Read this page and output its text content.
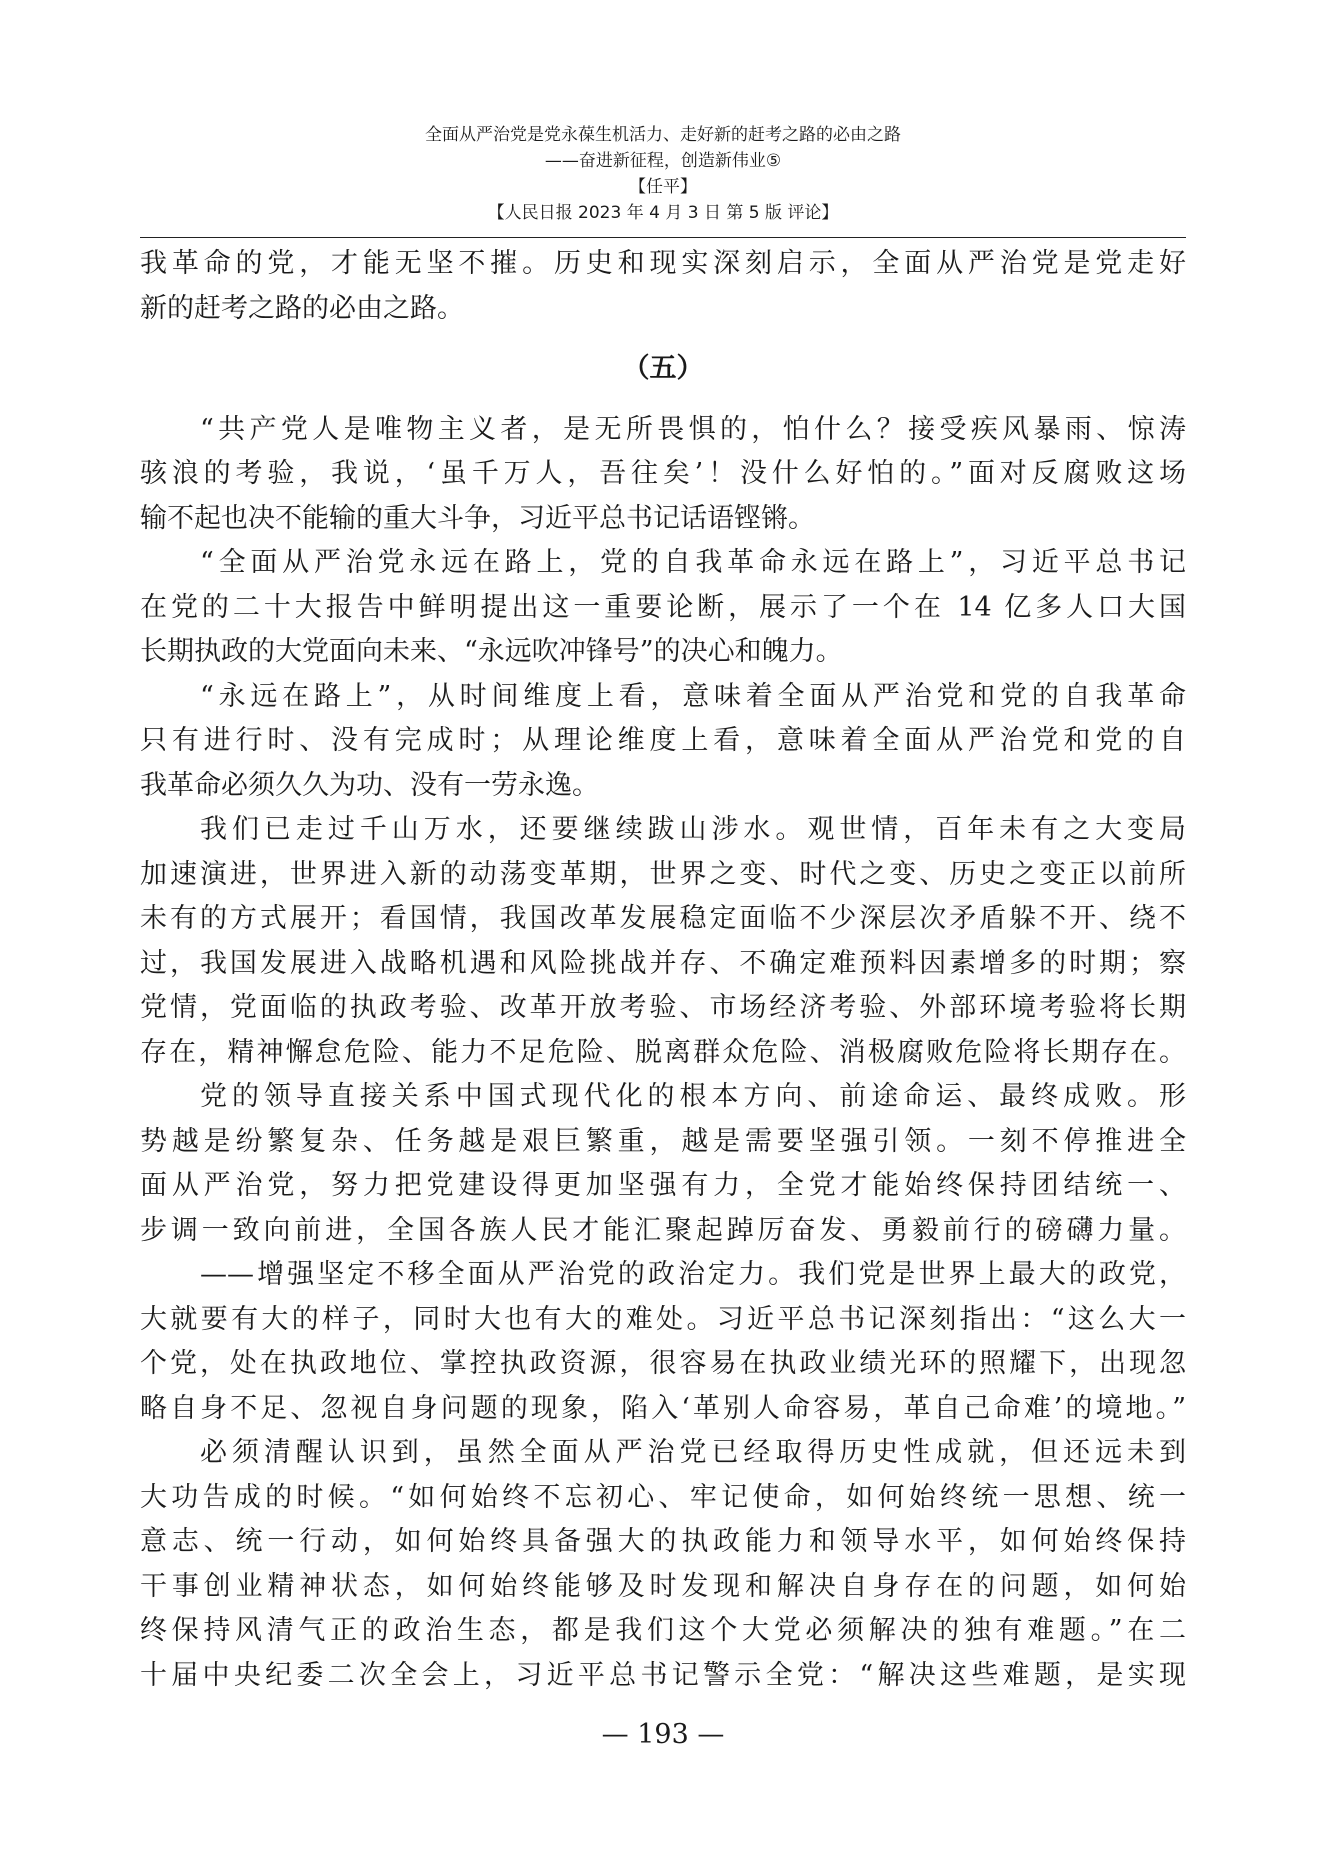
全面从严治党是党永葆生机活力、走好新的赶考之路的必由之路
——奋进新征程，创造新伟业⑤
【任平】
【人民日报 2023 年 4 月 3 日 第 5 版 评论】
我革命的党，才能无坚不摧。历史和现实深刻启示，全面从严治党是党走好
新的赶考之路的必由之路。
（五）
“共产党人是唯物主义者，是无所畏惧的，怕什么？接受疾风暴雨、惊涛
骇浪的考验，我说，‘虽千万人，吾往矣’！没什么好怕的。”面对反腐败这场
输不起也决不能输的重大斗争，习近平总书记话语铿锵。
“全面从严治党永远在路上，党的自我革命永远在路上”，习近平总书记
在党的二十大报告中鲜明提出这一重要论断，展示了一个在 14 亿多人口大国
长期执政的大党面向未来、“永远吹冲锋号”的决心和魄力。
“永远在路上”，从时间维度上看，意味着全面从严治党和党的自我革命
只有进行时、没有完成时；从理论维度上看，意味着全面从严治党和党的自
我革命必须久久为功、没有一劳永逸。
我们已走过千山万水，还要继续跋山涉水。观世情，百年未有之大变局
加速演进，世界进入新的动荡变革期，世界之变、时代之变、历史之变正以前所
未有的方式展开；看国情，我国改革发展稳定面临不少深层次矛盾躲不开、绕不
过，我国发展进入战略机遇和风险挑战并存、不确定难预料因素增多的时期；察
党情，党面临的执政考验、改革开放考验、市场经济考验、外部环境考验将长期
存在，精神懈怠危险、能力不足危险、脱离群众危险、消极腐败危险将长期存在。
党的领导直接关系中国式现代化的根本方向、前途命运、最终成败。形
势越是纷繁复杂、任务越是艰巨繁重，越是需要坚强引领。一刻不停推进全
面从严治党，努力把党建设得更加坚强有力，全党才能始终保持团结统一、
步调一致向前进，全国各族人民才能汇聚起踔厉奋发、勇毅前行的磅礴力量。
——增强坚定不移全面从严治党的政治定力。我们党是世界上最大的政党，
大就要有大的样子，同时大也有大的难处。习近平总书记深刻指出：“这么大一
个党，处在执政地位、掌控执政资源，很容易在执政业绩光环的照耀下，出现忽
略自身不足、忽视自身问题的现象，陷入‘革别人命容易，革自己命难’的境地。”
必须清醒认识到，虽然全面从严治党已经取得历史性成就，但还远未到
大功告成的时候。“如何始终不忘初心、牢记使命，如何始终统一思想、统一
意志、统一行动，如何始终具备强大的执政能力和领导水平，如何始终保持
干事创业精神状态，如何始终能够及时发现和解决自身存在的问题，如何始
终保持风清气正的政治生态，都是我们这个大党必须解决的独有难题。”在二
十届中央纪委二次全会上，习近平总书记警示全党：“解决这些难题，是实现
— 193 —
